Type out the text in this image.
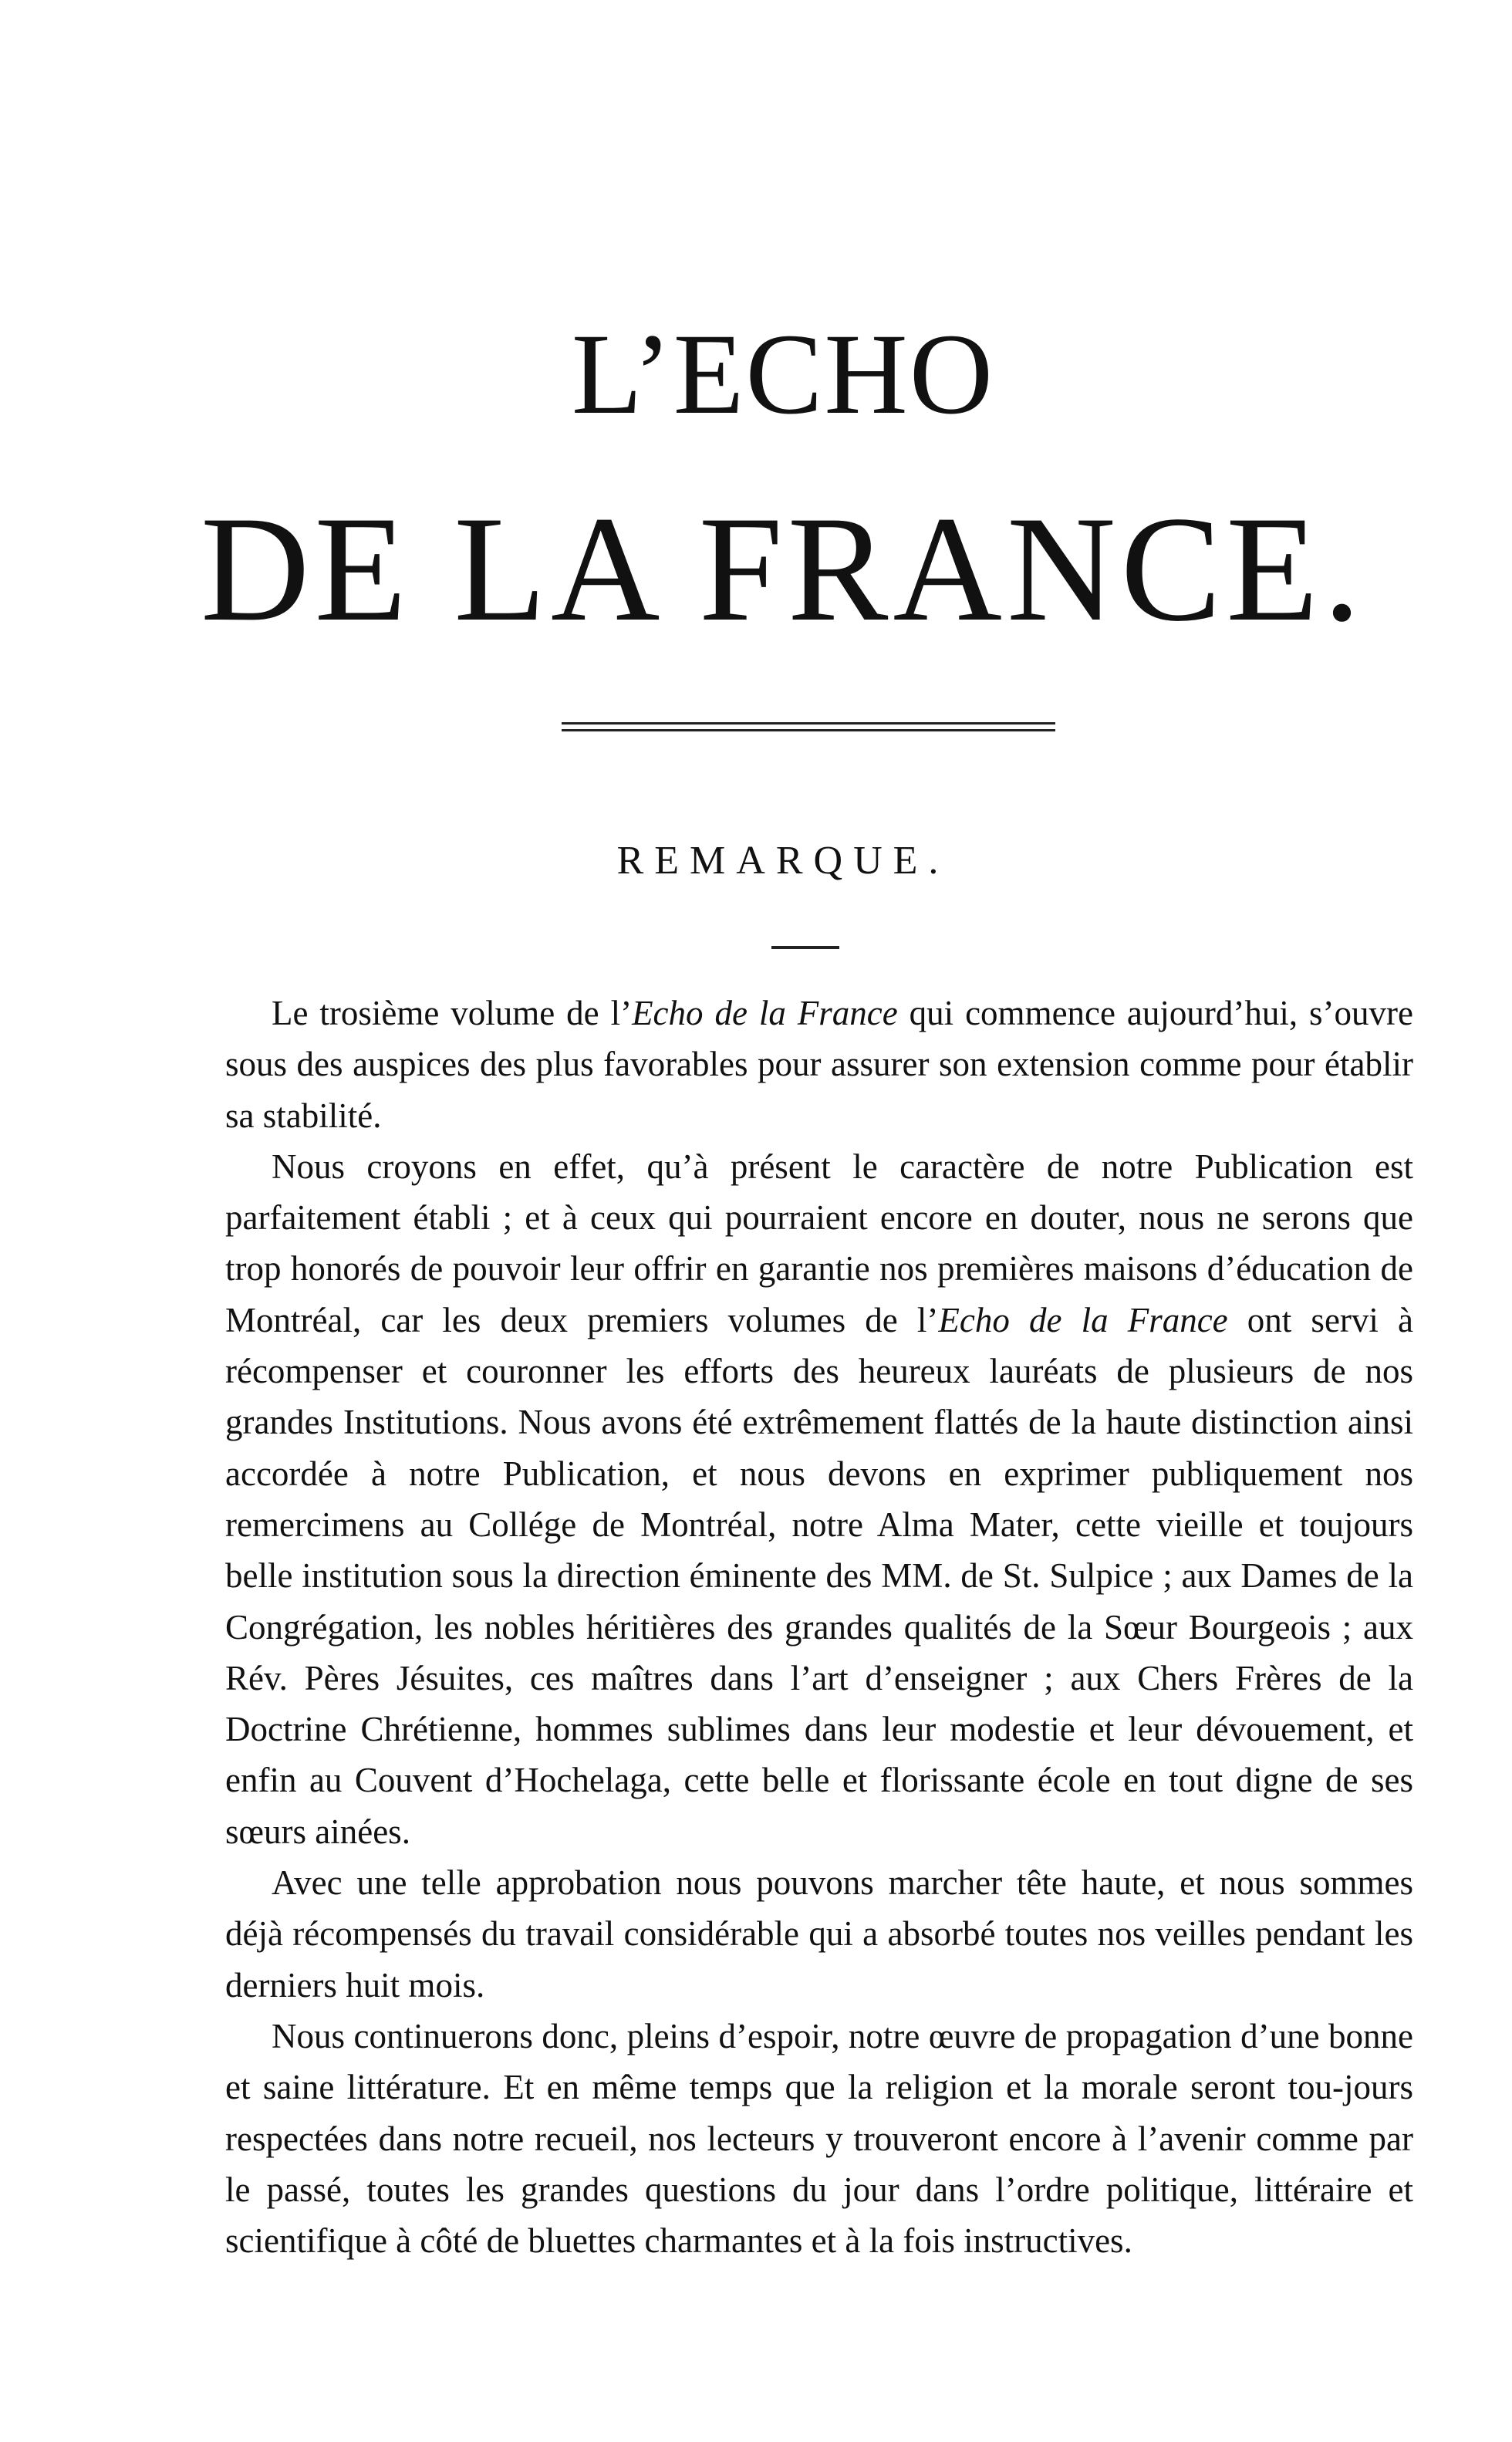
L’ECHO
DE LA FRANCE.
REMARQUE.

Le trosième volume de l’Echo de la France qui commence aujourd’hui, s’ouvre sous des auspices des plus favorables pour assurer son extension comme pour établir sa stabilité.

Nous croyons en effet, qu’à présent le caractère de notre Publication est parfaitement établi ; et à ceux qui pourraient encore en douter, nous ne serons que trop honorés de pouvoir leur offrir en garantie nos premières maisons d’éducation de Montréal, car les deux premiers volumes de l’Echo de la France ont servi à récompenser et couronner les efforts des heureux lauréats de plusieurs de nos grandes Institutions. Nous avons été extrêmement flattés de la haute distinction ainsi accordée à notre Publication, et nous devons en exprimer publiquement nos remercimens au Collége de Montréal, notre Alma Mater, cette vieille et toujours belle institution sous la direction éminente des MM. de St. Sulpice ; aux Dames de la Congrégation, les nobles héritières des grandes qualités de la Sœur Bourgeois ; aux Rév. Pères Jésuites, ces maîtres dans l’art d’enseigner ; aux Chers Frères de la Doctrine Chrétienne, hommes sublimes dans leur modestie et leur dévouement, et enfin au Couvent d’Hochelaga, cette belle et florissante école en tout digne de ses sœurs ainées.

Avec une telle approbation nous pouvons marcher tête haute, et nous sommes déjà récompensés du travail considérable qui a absorbé toutes nos veilles pendant les derniers huit mois.

Nous continuerons donc, pleins d’espoir, notre œuvre de propagation d’une bonne et saine littérature. Et en même temps que la religion et la morale seront tou-jours respectées dans notre recueil, nos lecteurs y trouveront encore à l’avenir comme par le passé, toutes les grandes questions du jour dans l’ordre politique, littéraire et scientifique à côté de bluettes charmantes et à la fois instructives.
